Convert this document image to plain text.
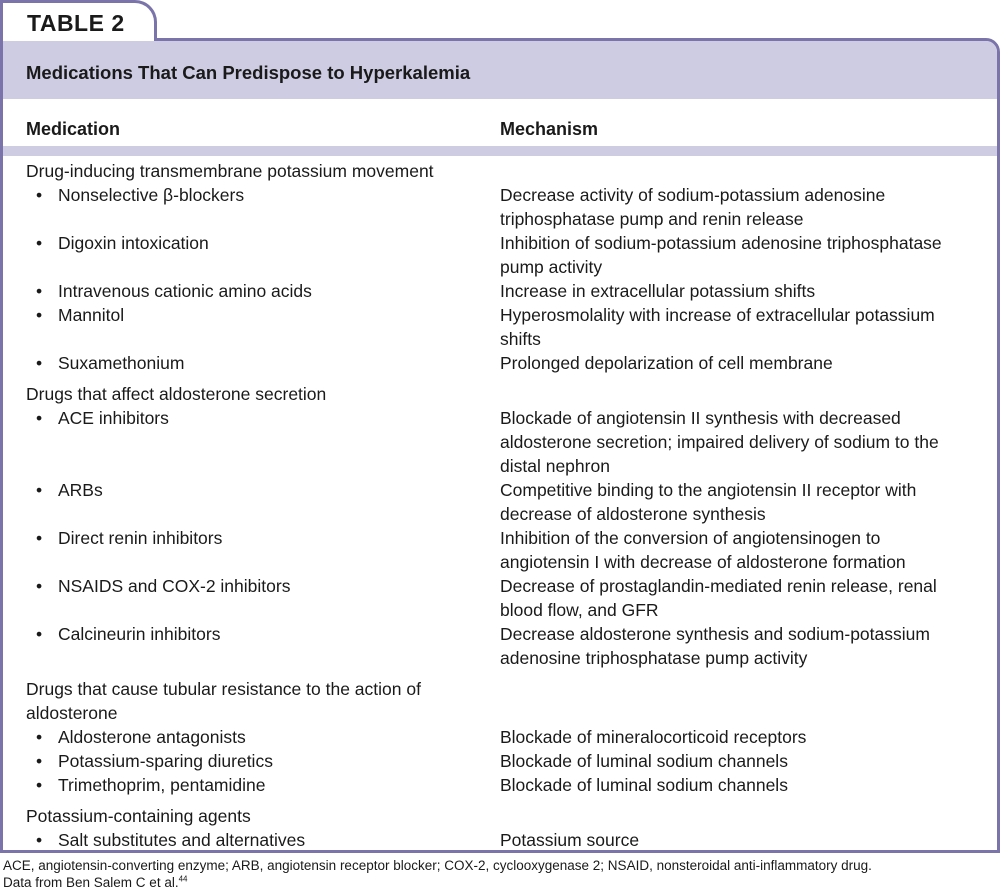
TABLE 2
Medications That Can Predispose to Hyperkalemia
Medication	Mechanism
Drug-inducing transmembrane potassium movement
• Nonselective β-blockers	Decrease activity of sodium-potassium adenosine triphosphatase pump and renin release
• Digoxin intoxication	Inhibition of sodium-potassium adenosine triphosphatase pump activity
• Intravenous cationic amino acids	Increase in extracellular potassium shifts
• Mannitol	Hyperosmolality with increase of extracellular potassium shifts
• Suxamethonium	Prolonged depolarization of cell membrane
Drugs that affect aldosterone secretion
• ACE inhibitors	Blockade of angiotensin II synthesis with decreased aldosterone secretion; impaired delivery of sodium to the distal nephron
• ARBs	Competitive binding to the angiotensin II receptor with decrease of aldosterone synthesis
• Direct renin inhibitors	Inhibition of the conversion of angiotensinogen to angiotensin I with decrease of aldosterone formation
• NSAIDS and COX-2 inhibitors	Decrease of prostaglandin-mediated renin release, renal blood flow, and GFR
• Calcineurin inhibitors	Decrease aldosterone synthesis and sodium-potassium adenosine triphosphatase pump activity
Drugs that cause tubular resistance to the action of aldosterone
• Aldosterone antagonists	Blockade of mineralocorticoid receptors
• Potassium-sparing diuretics	Blockade of luminal sodium channels
• Trimethoprim, pentamidine	Blockade of luminal sodium channels
Potassium-containing agents
• Salt substitutes and alternatives	Potassium source
ACE, angiotensin-converting enzyme; ARB, angiotensin receptor blocker; COX-2, cyclooxygenase 2; NSAID, nonsteroidal anti-inflammatory drug.
Data from Ben Salem C et al.$^{44}$
